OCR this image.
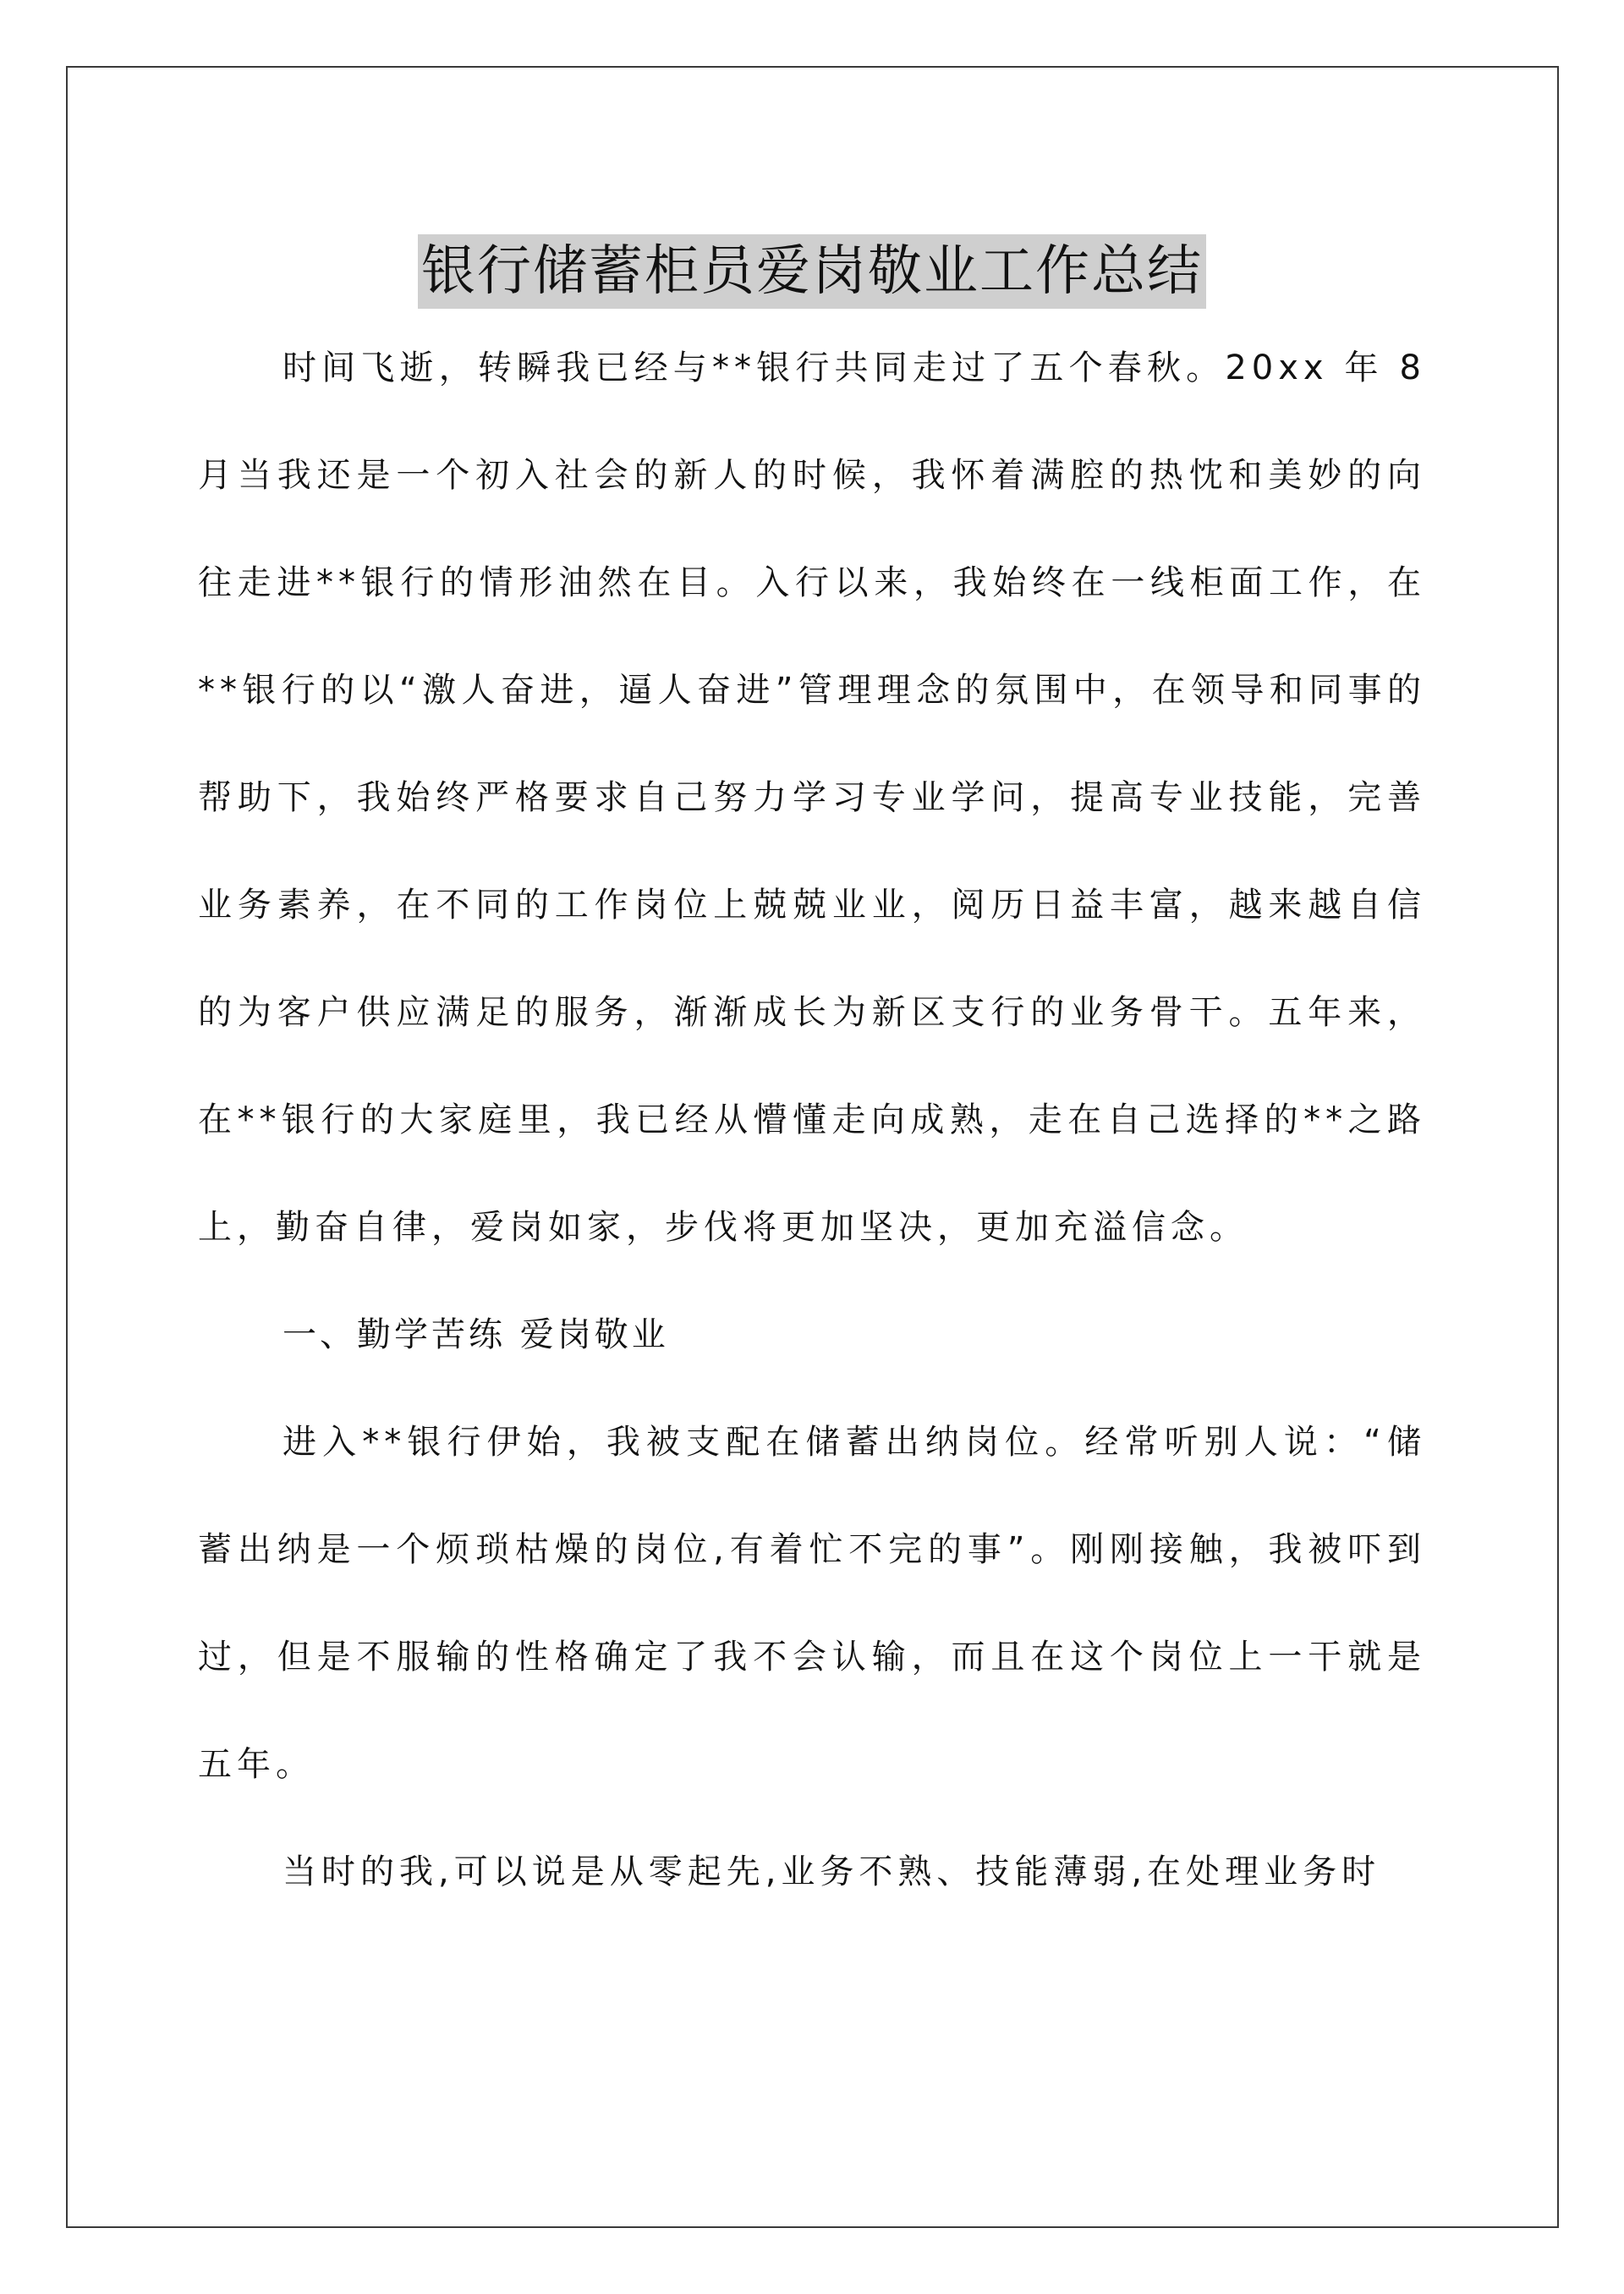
银行储蓄柜员爱岗敬业工作总结

时间飞逝，转瞬我已经与**银行共同走过了五个春秋。20xx 年 8 月当我还是一个初入社会的新人的时候，我怀着满腔的热忱和美妙的向往走进**银行的情形油然在目。入行以来，我始终在一线柜面工作，在**银行的以“激人奋进，逼人奋进”管理理念的氛围中，在领导和同事的帮助下，我始终严格要求自己努力学习专业学问，提高专业技能，完善业务素养，在不同的工作岗位上兢兢业业，阅历日益丰富，越来越自信的为客户供应满足的服务，渐渐成长为新区支行的业务骨干。五年来，在**银行的大家庭里，我已经从懵懂走向成熟，走在自己选择的**之路上，勤奋自律，爱岗如家，步伐将更加坚决，更加充溢信念。

一、勤学苦练 爱岗敬业

进入**银行伊始，我被支配在储蓄出纳岗位。经常听别人说：“储蓄出纳是一个烦琐枯燥的岗位,有着忙不完的事”。刚刚接触，我被吓到过，但是不服输的性格确定了我不会认输，而且在这个岗位上一干就是五年。

当时的我,可以说是从零起先,业务不熟、技能薄弱,在处理业务时
